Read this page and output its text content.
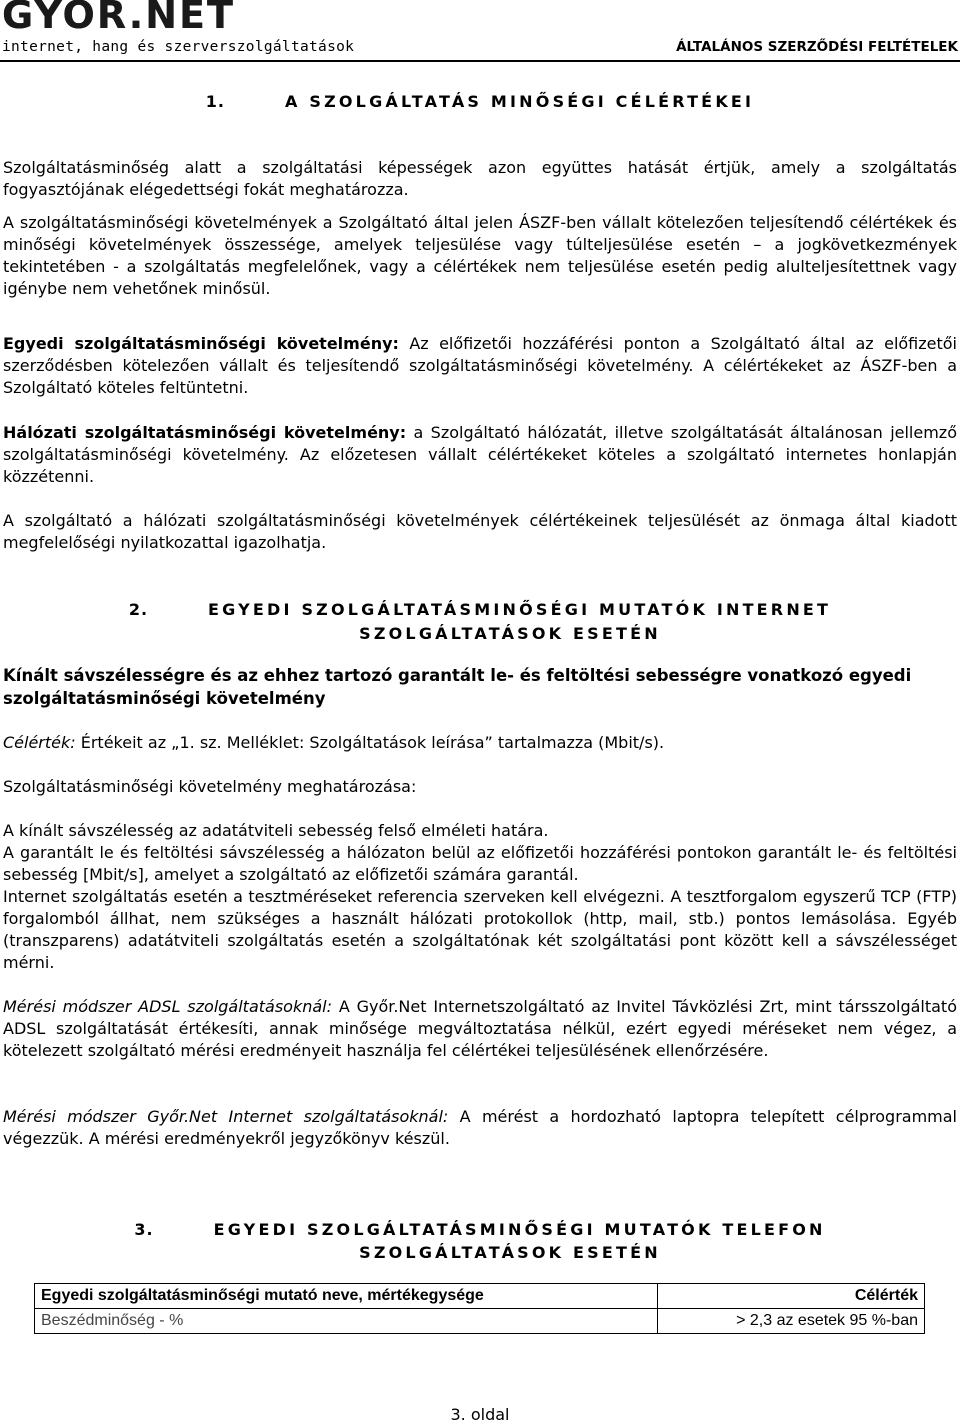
GYOR.NET
internet, hang és szerverszolgáltatások	ÁLTALÁNOS SZERZŐDÉSI FELTÉTELEK
1.	A SZOLGÁLTATÁS MINŐSÉGI CÉLÉRTÉKEI

Szolgáltatásminőség alatt a szolgáltatási képességek azon együttes hatását értjük, amely a szolgáltatás fogyasztójának elégedettségi fokát meghatározza.

A szolgáltatásminőségi követelmények a Szolgáltató által jelen ÁSZF-ben vállalt kötelezően teljesítendő célértékek és minőségi követelmények összessége, amelyek teljesülése vagy túlteljesülése esetén – a jogkövetkezmények tekintetében - a szolgáltatás megfelelőnek, vagy a célértékek nem teljesülése esetén pedig alulteljesítettnek vagy igénybe nem vehetőnek minősül.

Egyedi szolgáltatásminőségi követelmény: Az előfizetői hozzáférési ponton a Szolgáltató által az előfizetői szerződésben kötelezően vállalt és teljesítendő szolgáltatásminőségi követelmény. A célértékeket az ÁSZF-ben a Szolgáltató köteles feltüntetni.

Hálózati szolgáltatásminőségi követelmény: a Szolgáltató hálózatát, illetve szolgáltatását általánosan jellemző szolgáltatásminőségi követelmény. Az előzetesen vállalt célértékeket köteles a szolgáltató internetes honlapján közzétenni.

A szolgáltató a hálózati szolgáltatásminőségi követelmények célértékeinek teljesülését az önmaga által kiadott megfelelőségi nyilatkozattal igazolhatja.

2.	EGYEDI SZOLGÁLTATÁSMINŐSÉGI MUTATÓK INTERNET
SZOLGÁLTATÁSOK ESETÉN

Kínált sávszélességre és az ehhez tartozó garantált le- és feltöltési sebességre vonatkozó egyedi szolgáltatásminőségi követelmény

Célérték: Értékeit az „1. sz. Melléklet: Szolgáltatások leírása” tartalmazza (Mbit/s).

Szolgáltatásminőségi követelmény meghatározása:

A kínált sávszélesség az adatátviteli sebesség felső elméleti határa.

A garantált le és feltöltési sávszélesség a hálózaton belül az előfizetői hozzáférési pontokon garantált le- és feltöltési sebesség [Mbit/s], amelyet a szolgáltató az előfizetői számára garantál.

Internet szolgáltatás esetén a tesztméréseket referencia szerveken kell elvégezni. A tesztforgalom egyszerű TCP (FTP) forgalomból állhat, nem szükséges a használt hálózati protokollok (http, mail, stb.) pontos lemásolása. Egyéb (transzparens) adatátviteli szolgáltatás esetén a szolgáltatónak két szolgáltatási pont között kell a sávszélességet mérni.

Mérési módszer ADSL szolgáltatásoknál: A Győr.Net Internetszolgáltató az Invitel Távközlési Zrt, mint társszolgáltató ADSL szolgáltatását értékesíti, annak minősége megváltoztatása nélkül, ezért egyedi méréseket nem végez, a kötelezett szolgáltató mérési eredményeit használja fel célértékei teljesülésének ellenőrzésére.

Mérési módszer Győr.Net Internet szolgáltatásoknál: A mérést a hordozható laptopra telepített célprogrammal végezzük. A mérési eredményekről jegyzőkönyv készül.

3.	EGYEDI SZOLGÁLTATÁSMINŐSÉGI MUTATÓK TELEFON
SZOLGÁLTATÁSOK ESETÉN
Egyedi szolgáltatásminőségi mutató neve, mértékegysége	Célérték
Beszédminőség - %	> 2,3 az esetek 95 %-ban
3. oldal
